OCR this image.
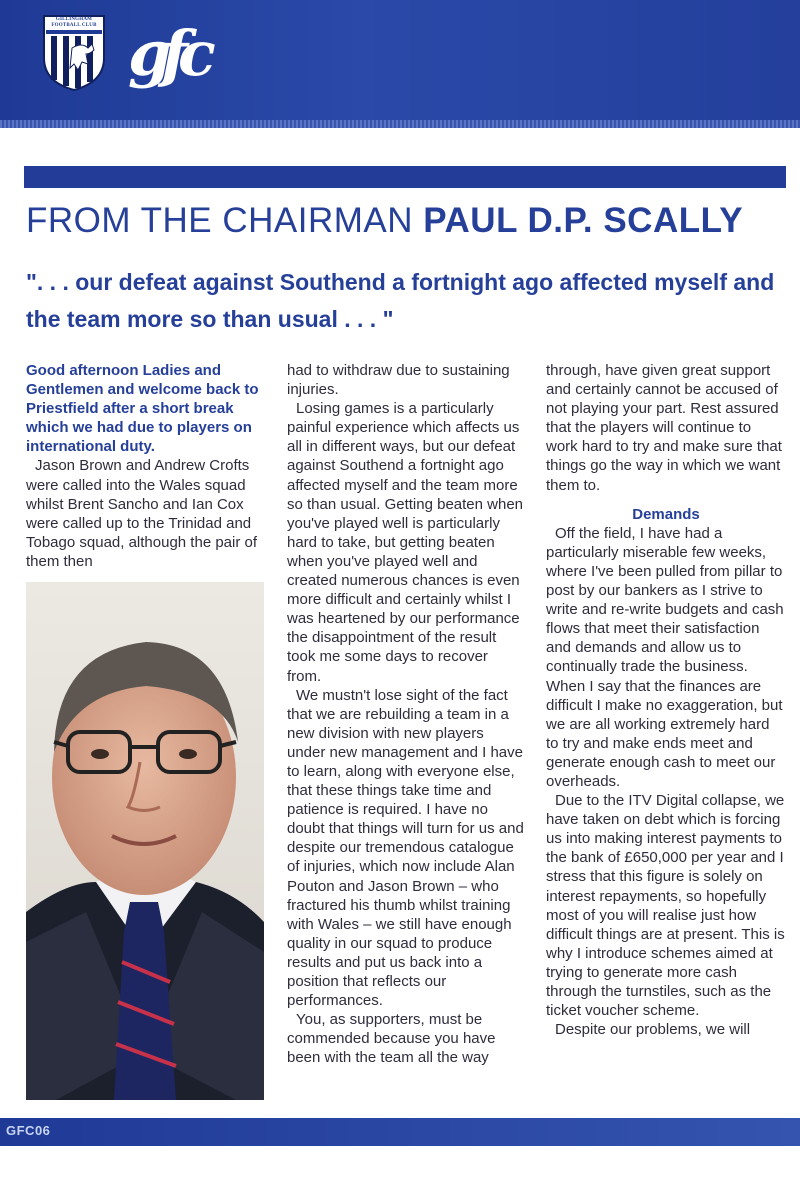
GILLINGHAM FOOTBALL CLUB gfc
FROM THE CHAIRMAN PAUL D.P. SCALLY
". . . our defeat against Southend a fortnight ago affected myself and the team more so than usual . . . "

Good afternoon Ladies and Gentlemen and welcome back to Priestfield after a short break which we had due to players on international duty.

Jason Brown and Andrew Crofts were called into the Wales squad whilst Brent Sancho and Ian Cox were called up to the Trinidad and Tobago squad, although the pair of them then

had to withdraw due to sustaining injuries.

Losing games is a particularly painful experience which affects us all in different ways, but our defeat against Southend a fortnight ago affected myself and the team more so than usual. Getting beaten when you've played well is particularly hard to take, but getting beaten when you've played well and created numerous chances is even more difficult and certainly whilst I was heartened by our performance the disappointment of the result took me some days to recover from.

We mustn't lose sight of the fact that we are rebuilding a team in a new division with new players under new management and I have to learn, along with everyone else, that these things take time and patience is required. I have no doubt that things will turn for us and despite our tremendous catalogue of injuries, which now include Alan Pouton and Jason Brown – who fractured his thumb whilst training with Wales – we still have enough quality in our squad to produce results and put us back into a position that reflects our performances.

You, as supporters, must be commended because you have been with the team all the way

through, have given great support and certainly cannot be accused of not playing your part. Rest assured that the players will continue to work hard to try and make sure that things go the way in which we want them to.

Demands

Off the field, I have had a particularly miserable few weeks, where I've been pulled from pillar to post by our bankers as I strive to write and re-write budgets and cash flows that meet their satisfaction and demands and allow us to continually trade the business. When I say that the finances are difficult I make no exaggeration, but we are all working extremely hard to try and make ends meet and generate enough cash to meet our overheads.

Due to the ITV Digital collapse, we have taken on debt which is forcing us into making interest payments to the bank of £650,000 per year and I stress that this figure is solely on interest repayments, so hopefully most of you will realise just how difficult things are at present. This is why I introduce schemes aimed at trying to generate more cash through the turnstiles, such as the ticket voucher scheme.

Despite our problems, we will

GFC06
